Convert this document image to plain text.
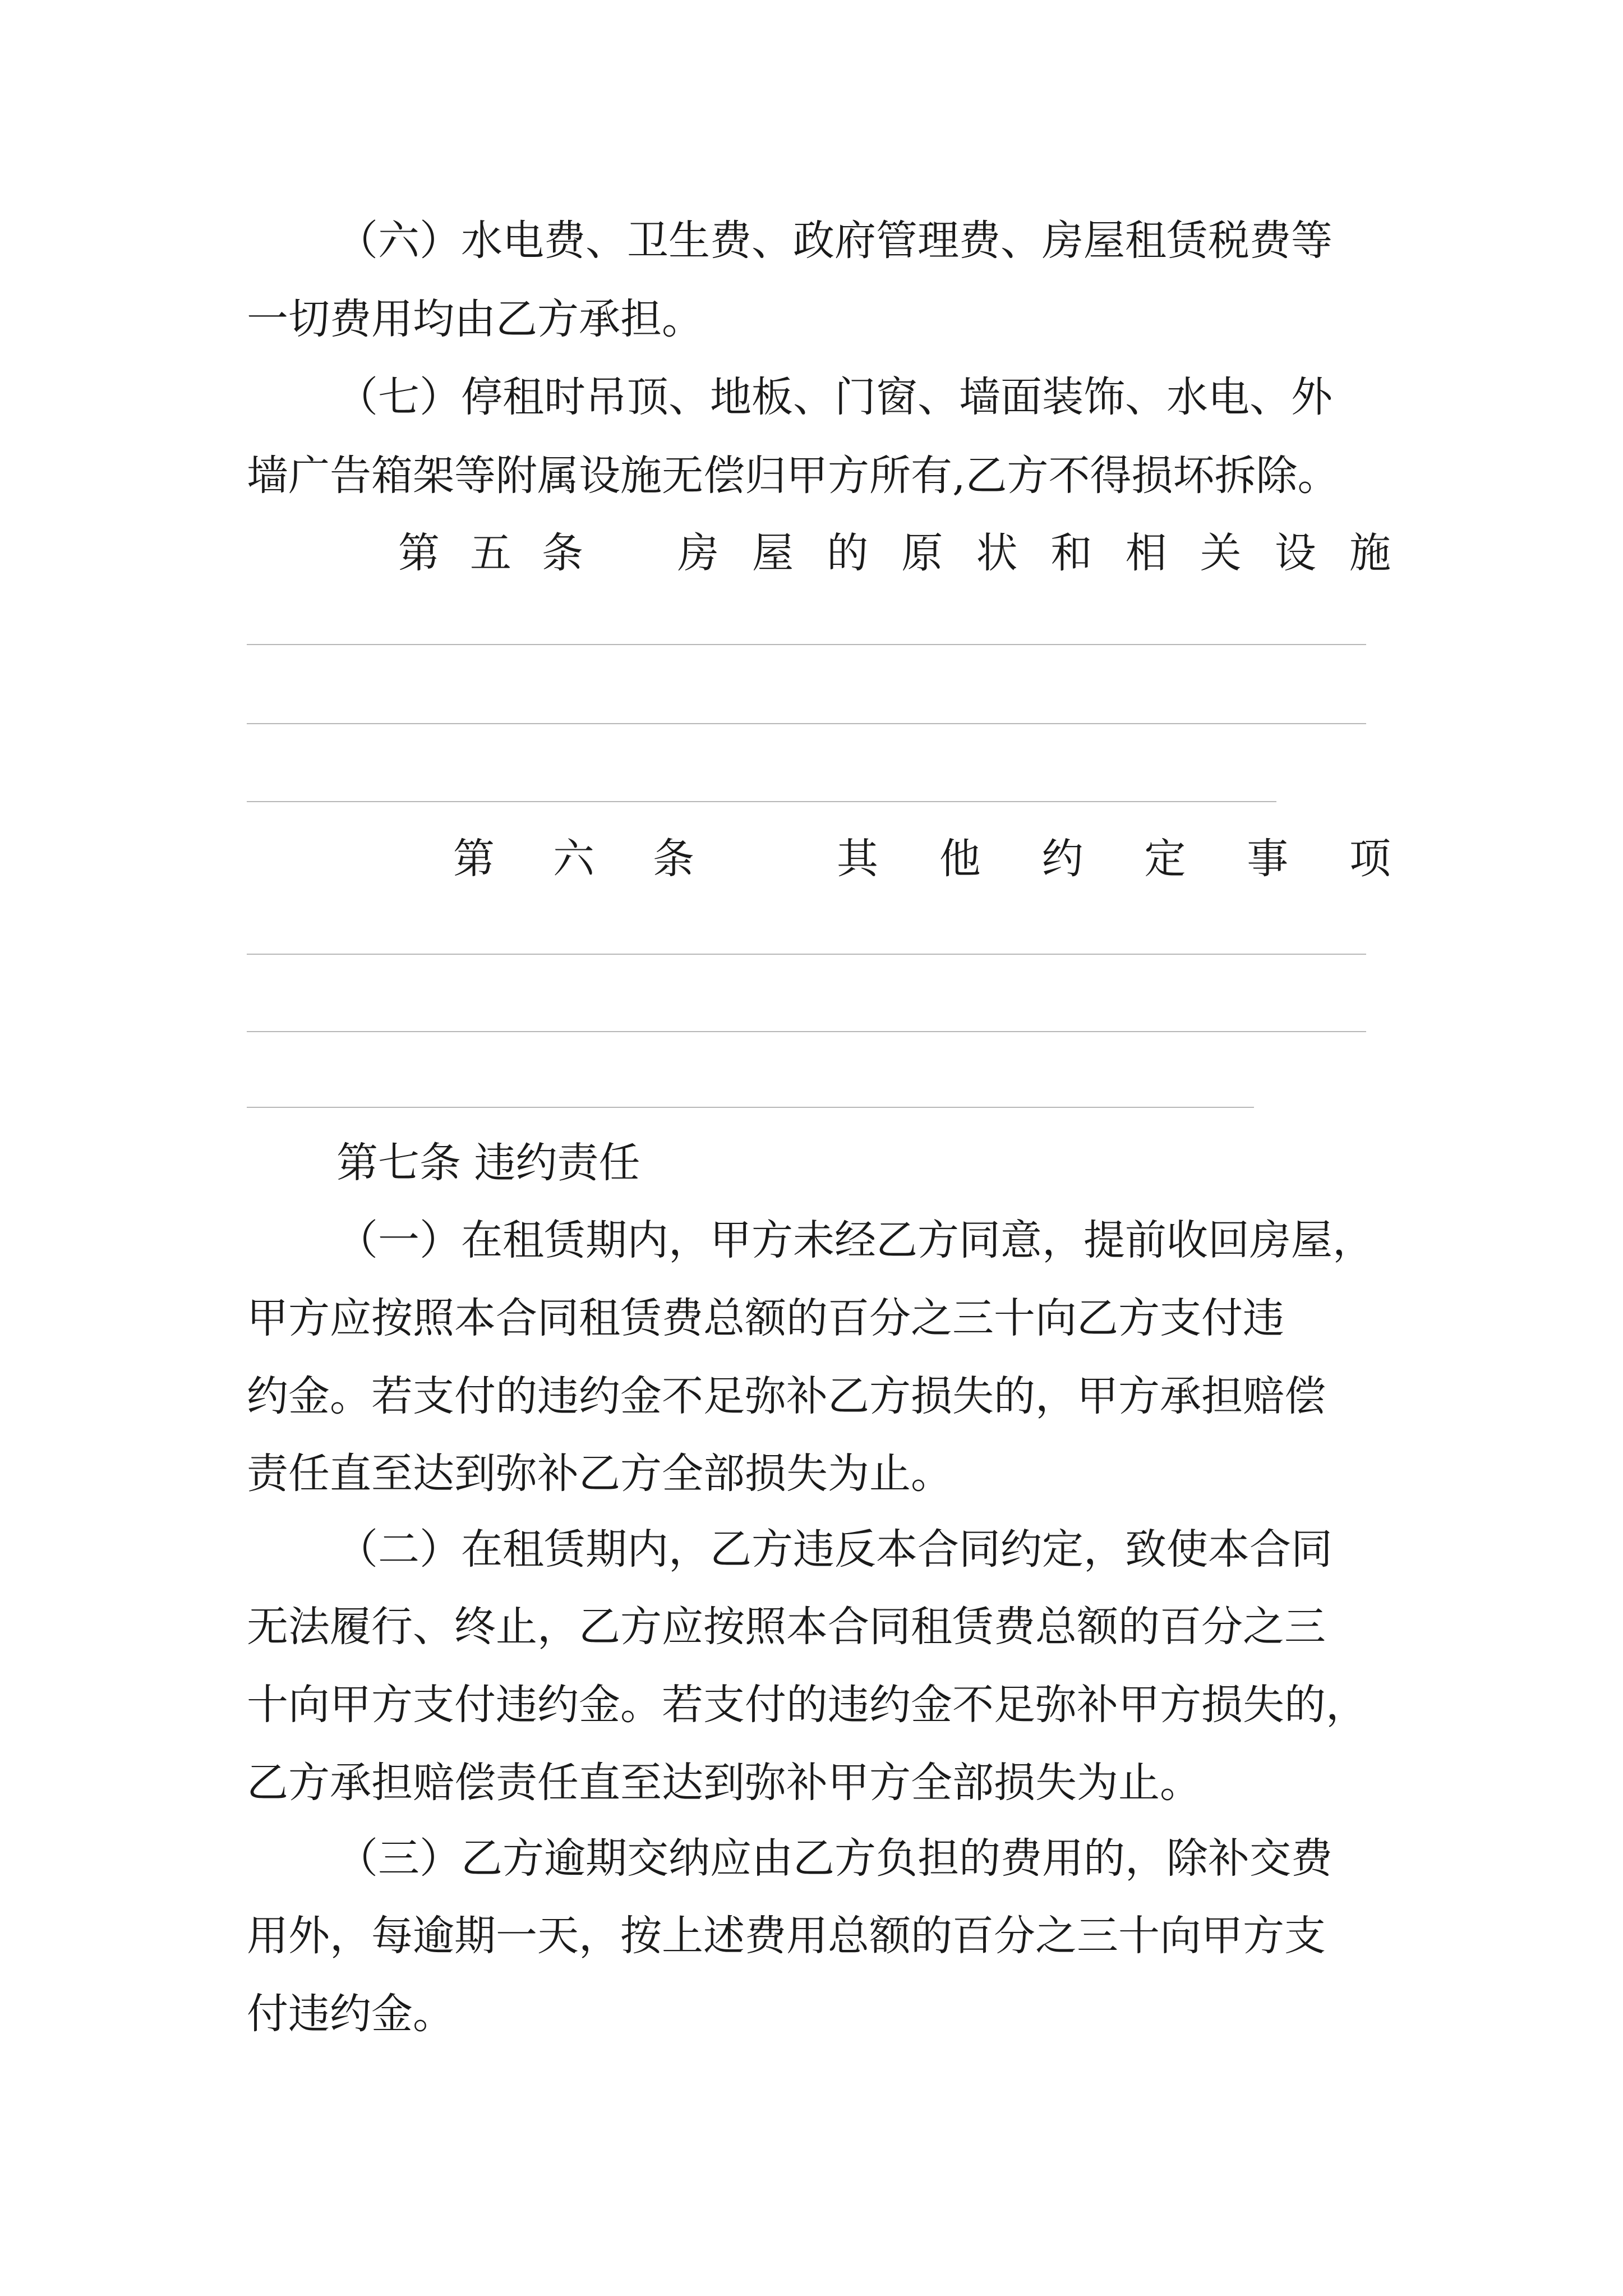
（六）水电费、卫生费、政府管理费、房屋租赁税费等
一切费用均由乙方承担。
（七）停租时吊顶、地板、门窗、墙面装饰、水电、外
墙广告箱架等附属设施无偿归甲方所有,乙方不得损坏拆除。
第 五 条 房 屋 的 原 状 和 相 关 设 施
第 六 条	其 他 约 定 事 项
第七条 违约责任
（一）在租赁期内，甲方未经乙方同意，提前收回房屋，
甲方应按照本合同租赁费总额的百分之三十向乙方支付违
约金。若支付的违约金不足弥补乙方损失的，甲方承担赔偿
责任直至达到弥补乙方全部损失为止。
（二）在租赁期内，乙方违反本合同约定，致使本合同
无法履行、终止，乙方应按照本合同租赁费总额的百分之三
十向甲方支付违约金。若支付的违约金不足弥补甲方损失的，
乙方承担赔偿责任直至达到弥补甲方全部损失为止。
（三）乙方逾期交纳应由乙方负担的费用的，除补交费
用外，每逾期一天，按上述费用总额的百分之三十向甲方支
付违约金。
